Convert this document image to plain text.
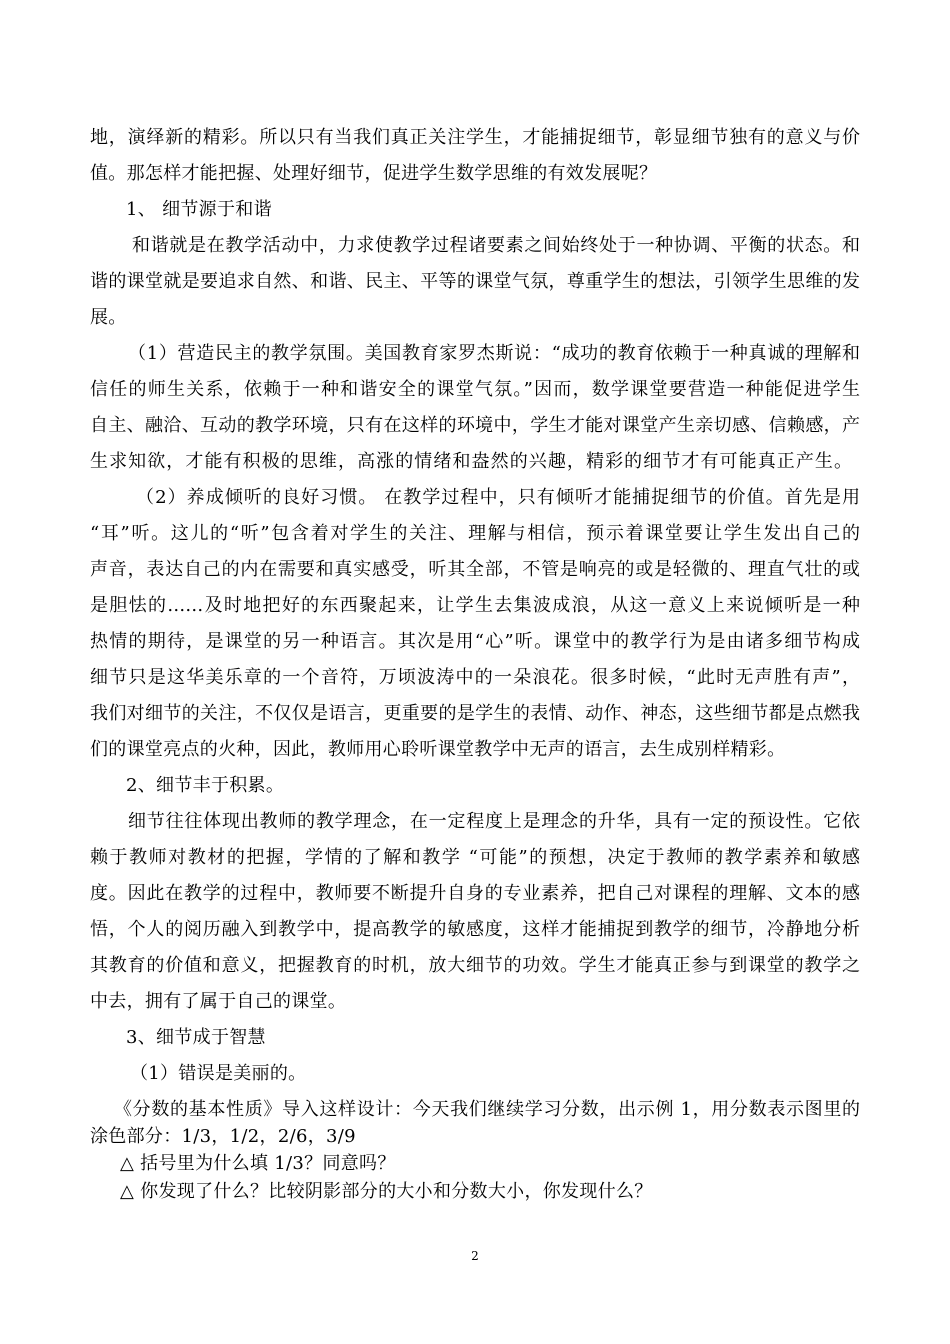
地，演绎新的精彩。所以只有当我们真正关注学生，才能捕捉细节，彰显细节独有的意义与价
值。那怎样才能把握、处理好细节，促进学生数学思维的有效发展呢？
1、 细节源于和谐
和谐就是在教学活动中，力求使教学过程诸要素之间始终处于一种协调、平衡的状态。和
谐的课堂就是要追求自然、和谐、民主、平等的课堂气氛，尊重学生的想法，引领学生思维的发
展。
（1）营造民主的教学氛围。美国教育家罗杰斯说：“成功的教育依赖于一种真诚的理解和
信任的师生关系，依赖于一种和谐安全的课堂气氛。”因而，数学课堂要营造一种能促进学生
自主、融洽、互动的教学环境，只有在这样的环境中，学生才能对课堂产生亲切感、信赖感，产
生求知欲，才能有积极的思维，高涨的情绪和盎然的兴趣，精彩的细节才有可能真正产生。
（2）养成倾听的良好习惯。 在教学过程中，只有倾听才能捕捉细节的价值。首先是用
“耳”听。这儿的“听”包含着对学生的关注、理解与相信，预示着课堂要让学生发出自己的
声音，表达自己的内在需要和真实感受，听其全部，不管是响亮的或是轻微的、理直气壮的或
是胆怯的……及时地把好的东西聚起来，让学生去集波成浪，从这一意义上来说倾听是一种
热情的期待，是课堂的另一种语言。其次是用“心”听。课堂中的教学行为是由诸多细节构成
细节只是这华美乐章的一个音符，万顷波涛中的一朵浪花。很多时候，“此时无声胜有声”，
我们对细节的关注，不仅仅是语言，更重要的是学生的表情、动作、神态，这些细节都是点燃我
们的课堂亮点的火种，因此，教师用心聆听课堂教学中无声的语言，去生成别样精彩。
2、细节丰于积累。
细节往往体现出教师的教学理念，在一定程度上是理念的升华，具有一定的预设性。它依
赖于教师对教材的把握，学情的了解和教学 “可能”的预想，决定于教师的教学素养和敏感
度。因此在教学的过程中，教师要不断提升自身的专业素养，把自己对课程的理解、文本的感
悟，个人的阅历融入到教学中，提高教学的敏感度，这样才能捕捉到教学的细节，冷静地分析
其教育的价值和意义，把握教育的时机，放大细节的功效。学生才能真正参与到课堂的教学之
中去，拥有了属于自己的课堂。
3、细节成于智慧
（1）错误是美丽的。
《分数的基本性质》导入这样设计：今天我们继续学习分数，出示例 1，用分数表示图里的
涂色部分：1/3，1/2，2/6，3/9
△ 括号里为什么填 1/3？同意吗？
△ 你发现了什么？比较阴影部分的大小和分数大小，你发现什么？
2
